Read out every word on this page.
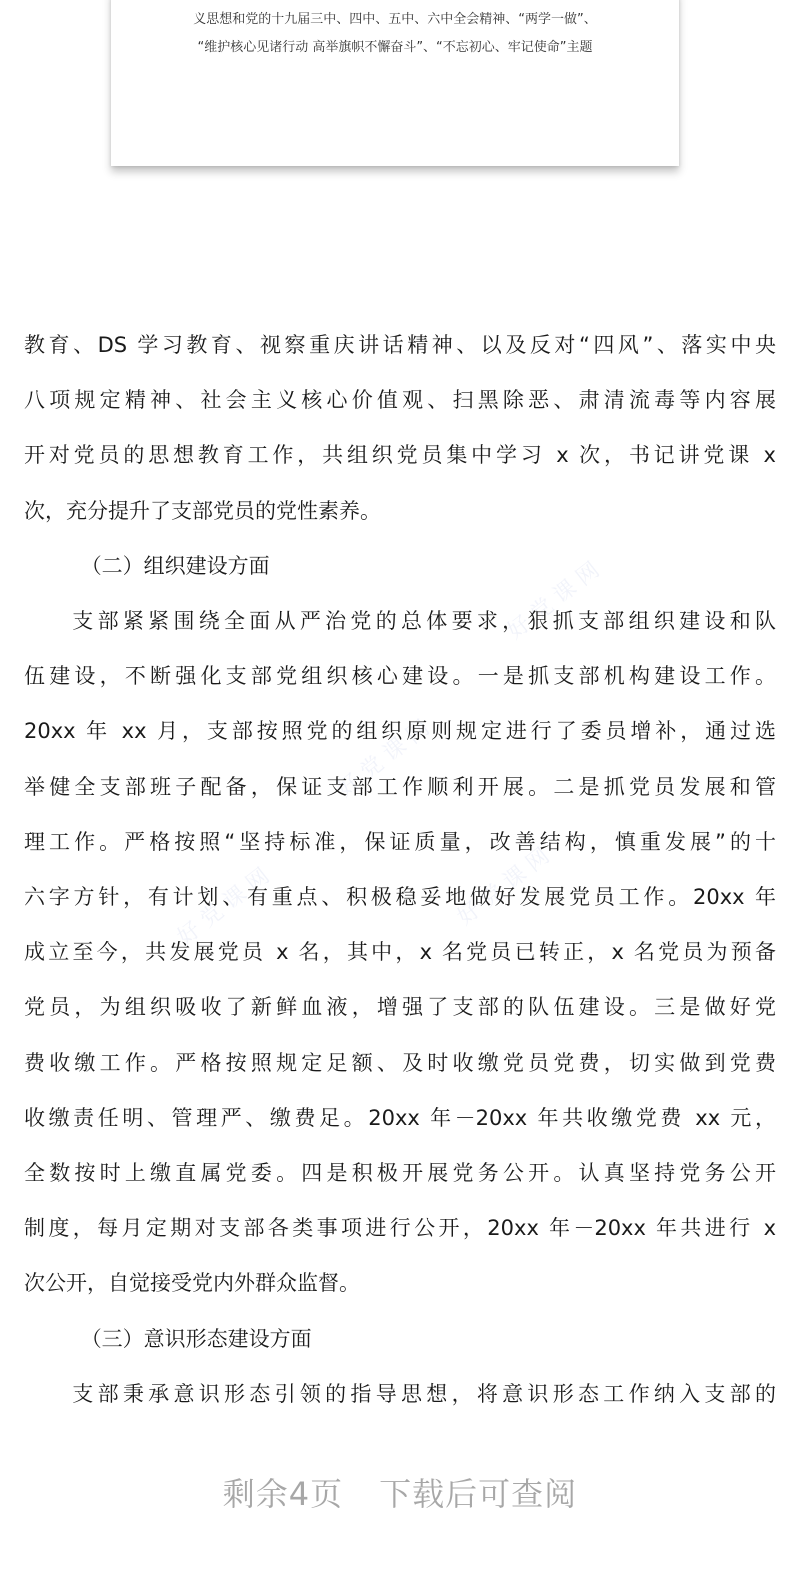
义思想和党的十九届三中、四中、五中、六中全会精神、“两学一做”、
“维护核心见诸行动 高举旗帜不懈奋斗”、“不忘初心、牢记使命”主题
好 党 课 网
好 党 课 网
好 党 课 网
好 党 课 网

教育、DS 学习教育、视察重庆讲话精神、以及反对“四风”、落实中央
八项规定精神、社会主义核心价值观、扫黑除恶、肃清流毒等内容展
开对党员的思想教育工作，共组织党员集中学习 x 次，书记讲党课 x
次，充分提升了支部党员的党性素养。

（二）组织建设方面

支部紧紧围绕全面从严治党的总体要求，狠抓支部组织建设和队
伍建设，不断强化支部党组织核心建设。一是抓支部机构建设工作。
20xx 年 xx 月，支部按照党的组织原则规定进行了委员增补，通过选
举健全支部班子配备，保证支部工作顺利开展。二是抓党员发展和管
理工作。严格按照“坚持标准，保证质量，改善结构，慎重发展”的十
六字方针，有计划、有重点、积极稳妥地做好发展党员工作。20xx 年
成立至今，共发展党员 x 名，其中，x 名党员已转正，x 名党员为预备
党员，为组织吸收了新鲜血液，增强了支部的队伍建设。三是做好党
费收缴工作。严格按照规定足额、及时收缴党员党费，切实做到党费
收缴责任明、管理严、缴费足。20xx 年－20xx 年共收缴党费 xx 元，
全数按时上缴直属党委。四是积极开展党务公开。认真坚持党务公开
制度，每月定期对支部各类事项进行公开，20xx 年－20xx 年共进行 x
次公开，自觉接受党内外群众监督。

（三）意识形态建设方面

支部秉承意识形态引领的指导思想，将意识形态工作纳入支部的

剩余4页 下载后可查阅
